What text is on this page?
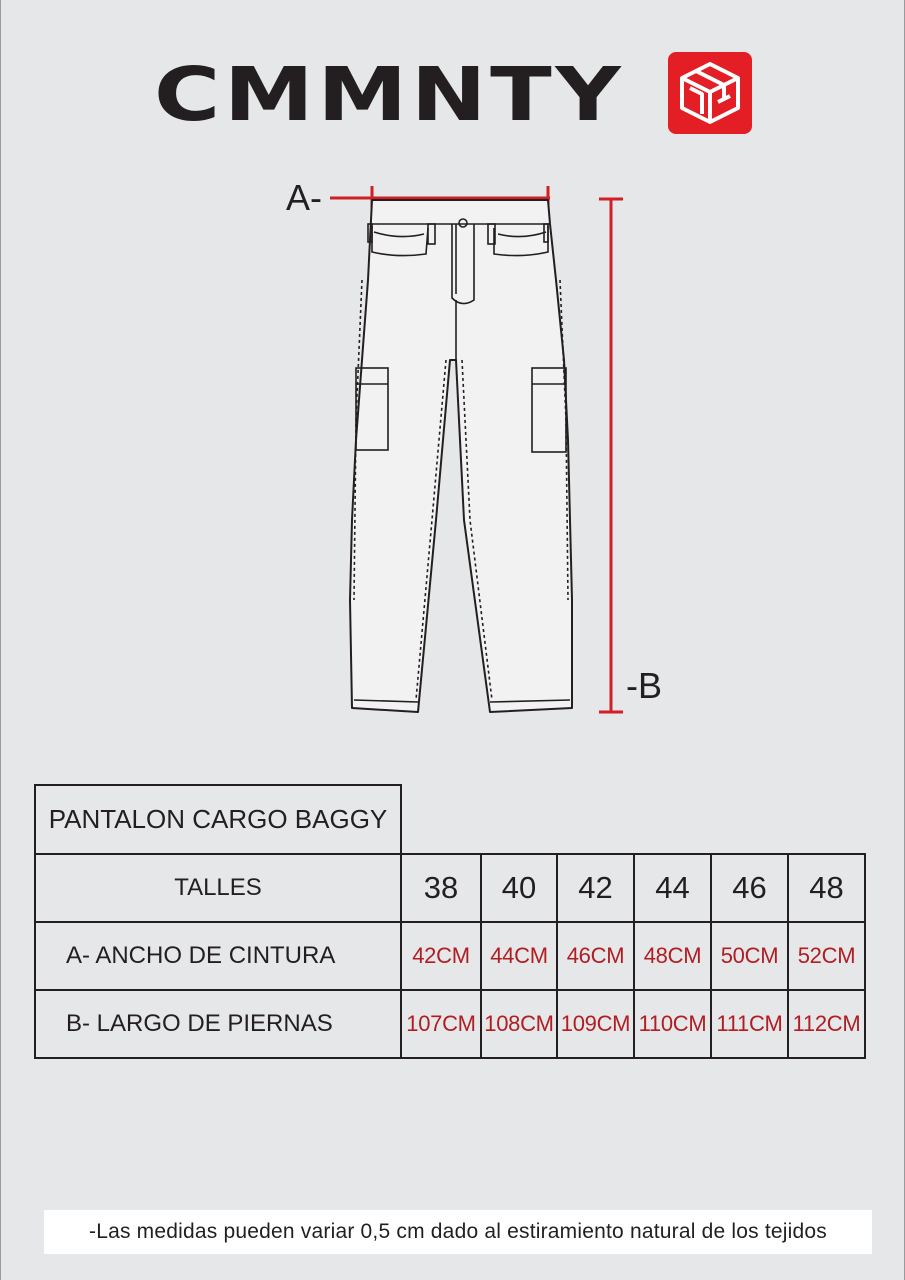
CMMNTY
A-
-B
PANTALON CARGO BAGGY						
TALLES	38	40	42	44	46	48
A- ANCHO DE CINTURA	42CM	44CM	46CM	48CM	50CM	52CM
B- LARGO DE PIERNAS	107CM	108CM	109CM	110CM	111CM	112CM
-Las medidas pueden variar 0,5 cm dado al estiramiento natural de los tejidos
